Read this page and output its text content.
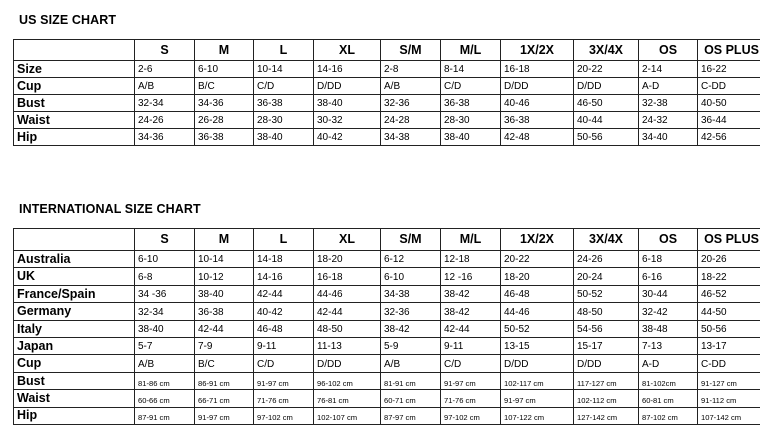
US SIZE CHART
	S	M	L	XL	S/M	M/L	1X/2X	3X/4X	OS	OS PLUS
Size	2-6	6-10	10-14	14-16	2-8	8-14	16-18	20-22	2-14	16-22
Cup	A/B	B/C	C/D	D/DD	A/B	C/D	D/DD	D/DD	A-D	C-DD
Bust	32-34	34-36	36-38	38-40	32-36	36-38	40-46	46-50	32-38	40-50
Waist	24-26	26-28	28-30	30-32	24-28	28-30	36-38	40-44	24-32	36-44
Hip	34-36	36-38	38-40	40-42	34-38	38-40	42-48	50-56	34-40	42-56
INTERNATIONAL SIZE CHART
	S	M	L	XL	S/M	M/L	1X/2X	3X/4X	OS	OS PLUS
Australia	6-10	10-14	14-18	18-20	6-12	12-18	20-22	24-26	6-18	20-26
UK	6-8	10-12	14-16	16-18	6-10	12 -16	18-20	20-24	6-16	18-22
France/Spain	34 -36	38-40	42-44	44-46	34-38	38-42	46-48	50-52	30-44	46-52
Germany	32-34	36-38	40-42	42-44	32-36	38-42	44-46	48-50	32-42	44-50
Italy	38-40	42-44	46-48	48-50	38-42	42-44	50-52	54-56	38-48	50-56
Japan	5-7	7-9	9-11	11-13	5-9	9-11	13-15	15-17	7-13	13-17
Cup	A/B	B/C	C/D	D/DD	A/B	C/D	D/DD	D/DD	A-D	C-DD
Bust	81-86 cm	86-91 cm	91-97 cm	96-102 cm	81-91 cm	91-97 cm	102-117 cm	117-127 cm	81-102cm	91-127 cm
Waist	60-66 cm	66-71 cm	71-76 cm	76-81 cm	60-71 cm	71-76 cm	91-97 cm	102-112 cm	60-81 cm	91-112 cm
Hip	87-91 cm	91-97 cm	97-102 cm	102-107 cm	87-97 cm	97-102 cm	107-122 cm	127-142 cm	87-102 cm	107-142 cm
